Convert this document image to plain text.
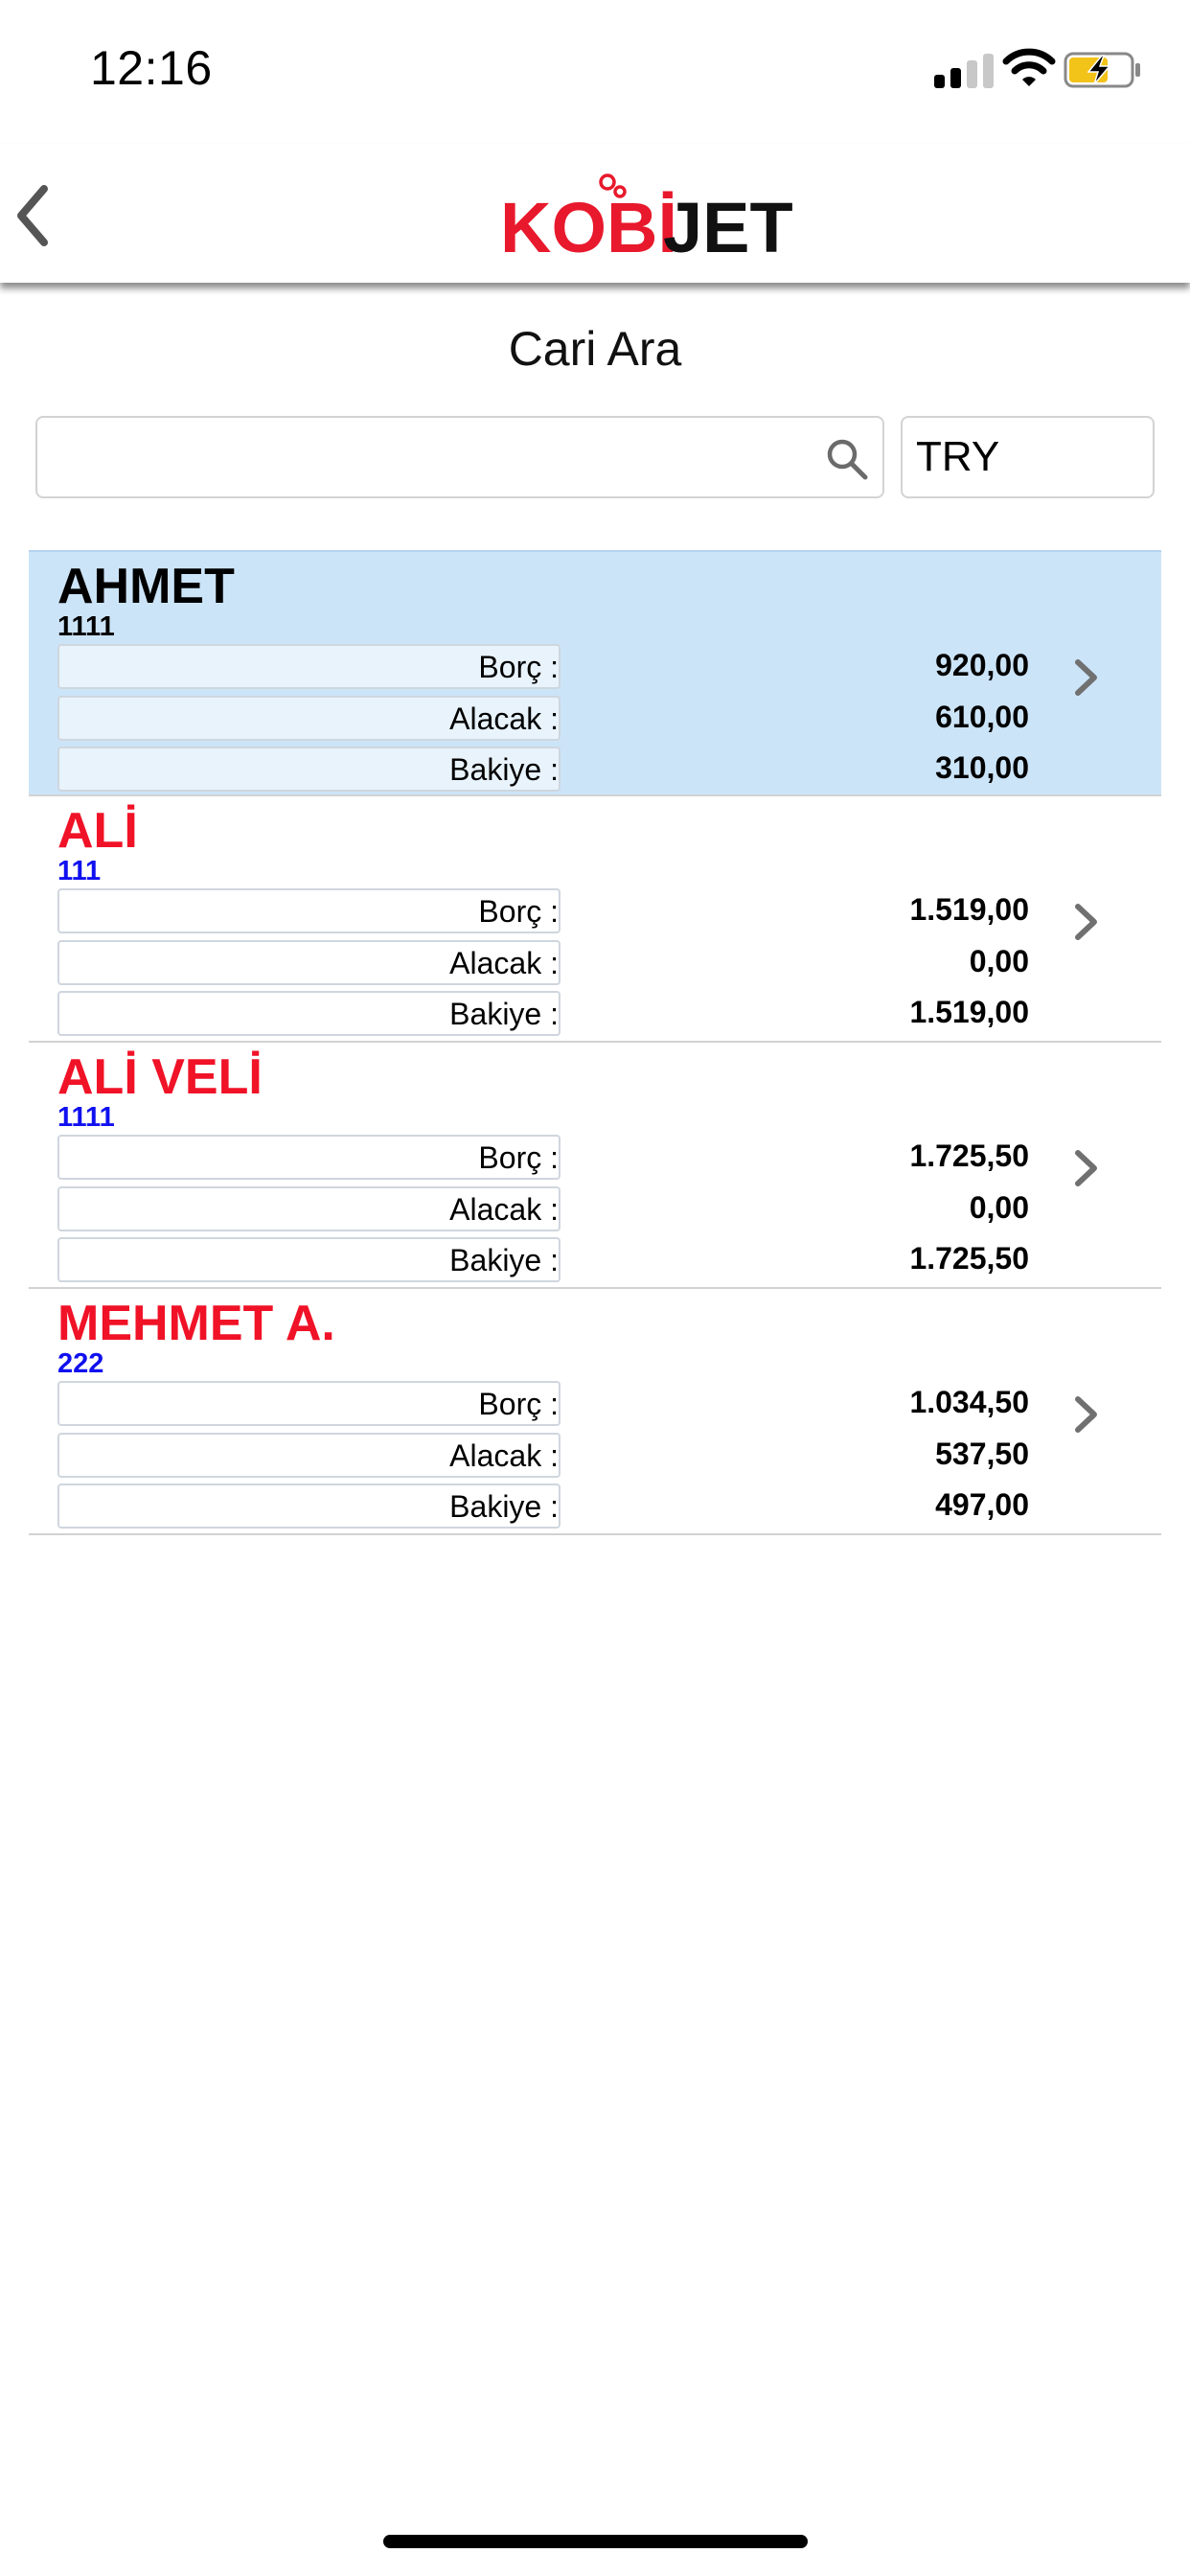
12:16
KOBİ
JET
Cari Ara
TRY
AHMET
1111
Borç :
Alacak :
Bakiye :
920,00
610,00
310,00
ALİ
111
Borç :
Alacak :
Bakiye :
1.519,00
0,00
1.519,00
ALİ VELİ
1111
Borç :
Alacak :
Bakiye :
1.725,50
0,00
1.725,50
MEHMET A.
222
Borç :
Alacak :
Bakiye :
1.034,50
537,50
497,00
